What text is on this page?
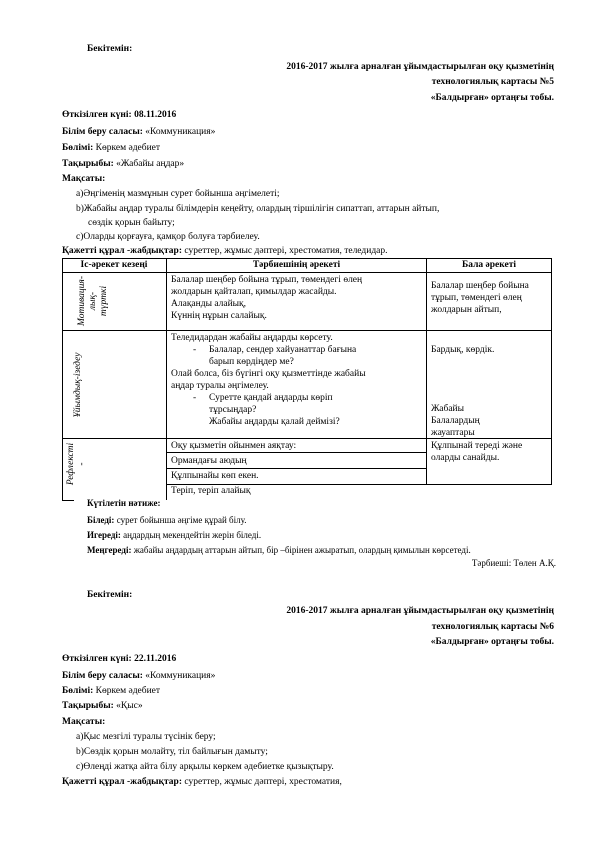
Бекітемін:
2016-2017 жылға арналған ұйымдастырылған оқу қызметінің
технологиялық картасы №5
«Балдырған» ортаңғы тобы.
Өткізілген күні: 08.11.2016
Білім беру саласы: «Коммуникация»
Бөлімі: Көркем әдебиет
Тақырыбы: «Жабайы аңдар»
Мақсаты:
а)Әңгіменің мазмұнын сурет бойынша әңгімелеті;
b)Жабайы аңдар туралы білімдерін кеңейту, олардың тіршілігін сипаттап, аттарын айтып,
сөздік қорын байыту;
с)Оларды қорғауға, қамқор болуға тәрбиелеу.
Қажетті құрал -жабдықтар: суреттер, жұмыс дәптері, хрестоматия, теледидар.
Іс-әрекет кезеңі	Тәрбиешінің әрекеті	Бала әрекеті
Мотивация-
лық-
түрткі
Ұйымдық-ізедеу
Рефлексті
-
Балалар шеңбер бойына тұрып, төмендегі өлең
жолдарын қайталап, қимылдар жасайды.
Алақанды алайық,
Күннің нұрын салайық.
Балалар шеңбер бойына
тұрып, төмендегі өлең
жолдарын айтып,
Теледидардан жабайы аңдарды көрсету.
- Балалар, сендер хайуанаттар бағына
барып көрдіңдер ме?
Олай болса, біз бүгінгі оқу қызметтінде жабайы
аңдар туралы әңгімелеу.
- Суретте қандай аңдарды көріп
тұрсыңдар?
Жабайы аңдарды қалай деймізі?
Бардық, көрдік.
Жабайы
Балалардың
жауаптары
Оқу қызметін ойынмен аяқтау:
Ормандағы аюдың
Құлпынайы көп екен.
Теріп, теріп алайық
Құлпынай тереді және
оларды санайды.
Күтілетін нәтиже:
Біледі: сурет бойынша әңгіме құрай білу.
Игереді: аңдардың мекендейтін жерін біледі.
Меңгереді: жабайы аңдардың аттарын айтып, бір –бірінен ажыратып, олардың қимылын көрсетеді.
Тәрбиеші: Төлен А.Қ.
Бекітемін:
2016-2017 жылға арналған ұйымдастырылған оқу қызметінің
технологиялық картасы №6
«Балдырған» ортаңғы тобы.
Өткізілген күні: 22.11.2016
Білім беру саласы: «Коммуникация»
Бөлімі: Көркем әдебиет
Тақырыбы: «Қыс»
Мақсаты:
а)Қыс мезгілі туралы түсінік беру;
b)Сөздік қорын молайту, тіл байлығын дамыту;
с)Өлеңді жатқа айта білу арқылы көркем әдебиетке қызықтыру.
Қажетті құрал -жабдықтар: суреттер, жұмыс дәптері, хрестоматия,
